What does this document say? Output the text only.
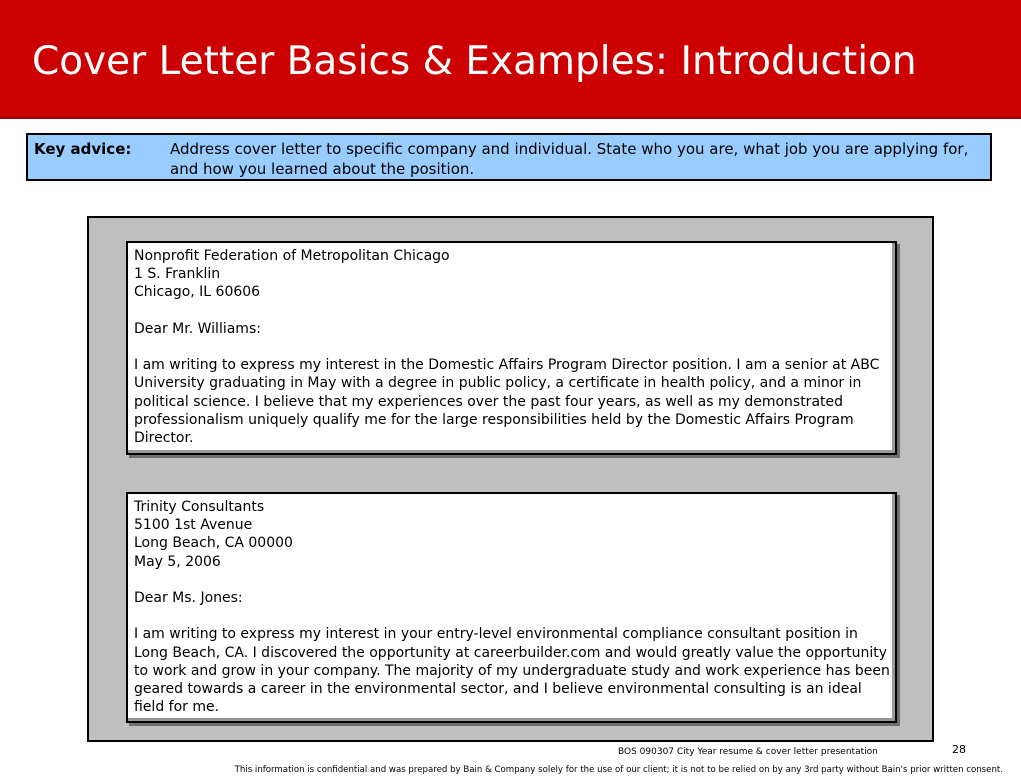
Cover Letter Basics & Examples: Introduction
Key advice:	Address cover letter to specific company and individual. State who you are, what job you are applying for, and how you learned about the position.
Nonprofit Federation of Metropolitan Chicago
1 S. Franklin
Chicago, IL 60606
Dear Mr. Williams:
I am writing to express my interest in the Domestic Affairs Program Director position. I am a senior at ABC University graduating in May with a degree in public policy, a certificate in health policy, and a minor in political science. I believe that my experiences over the past four years, as well as my demonstrated professionalism uniquely qualify me for the large responsibilities held by the Domestic Affairs Program Director.
Trinity Consultants
5100 1st Avenue
Long Beach, CA 00000
May 5, 2006
Dear Ms. Jones:
I am writing to express my interest in your entry-level environmental compliance consultant position in Long Beach, CA. I discovered the opportunity at careerbuilder.com and would greatly value the opportunity to work and grow in your company. The majority of my undergraduate study and work experience has been geared towards a career in the environmental sector, and I believe environmental consulting is an ideal field for me.
BOS 090307 City Year resume & cover letter presentation	28
This information is confidential and was prepared by Bain & Company solely for the use of our client; it is not to be relied on by any 3rd party without Bain's prior written consent.
